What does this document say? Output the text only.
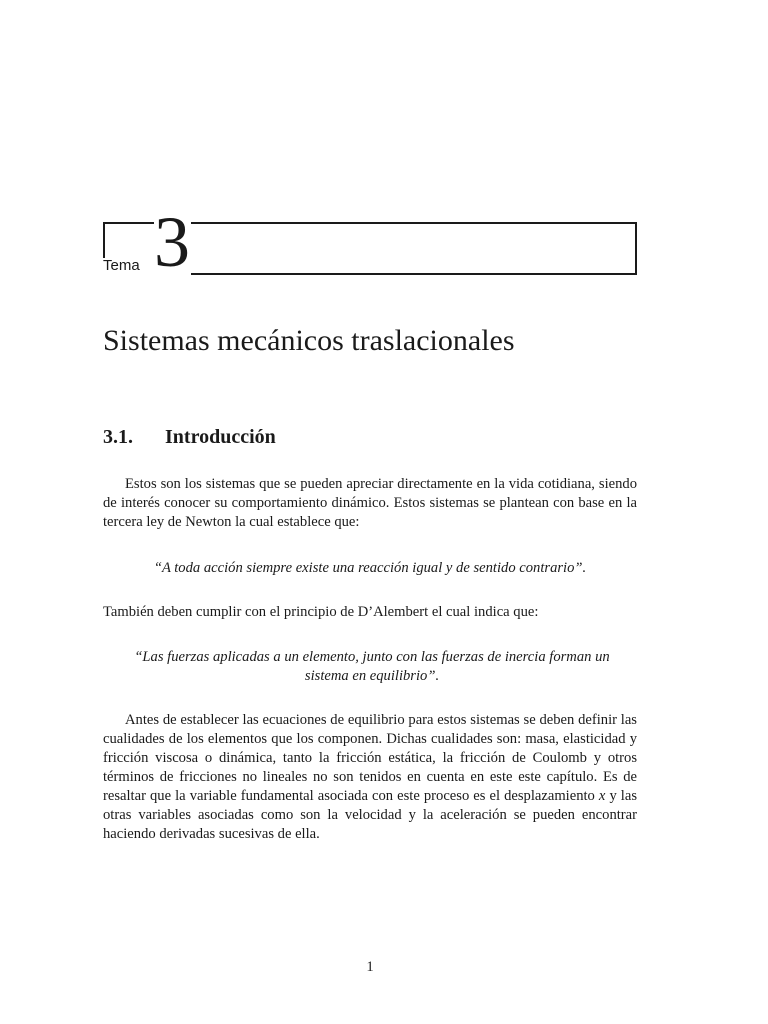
Tema 3
Sistemas mecánicos traslacionales
3.1. Introducción

Estos son los sistemas que se pueden apreciar directamente en la vida cotidiana, siendo de interés conocer su comportamiento dinámico. Estos sistemas se plantean con base en la tercera ley de Newton la cual establece que:

“A toda acción siempre existe una reacción igual y de sentido contrario”.

También deben cumplir con el principio de D’Alembert el cual indica que:

“Las fuerzas aplicadas a un elemento, junto con las fuerzas de inercia forman un sistema en equilibrio”.

Antes de establecer las ecuaciones de equilibrio para estos sistemas se deben definir las cualidades de los elementos que los componen. Dichas cualidades son: masa, elasticidad y fricción viscosa o dinámica, tanto la fricción estática, la fricción de Coulomb y otros términos de fricciones no lineales no son tenidos en cuenta en este este capítulo. Es de resaltar que la variable fundamental asociada con este proceso es el desplazamiento x y las otras variables asociadas como son la velocidad y la aceleración se pueden encontrar haciendo derivadas sucesivas de ella.

1
